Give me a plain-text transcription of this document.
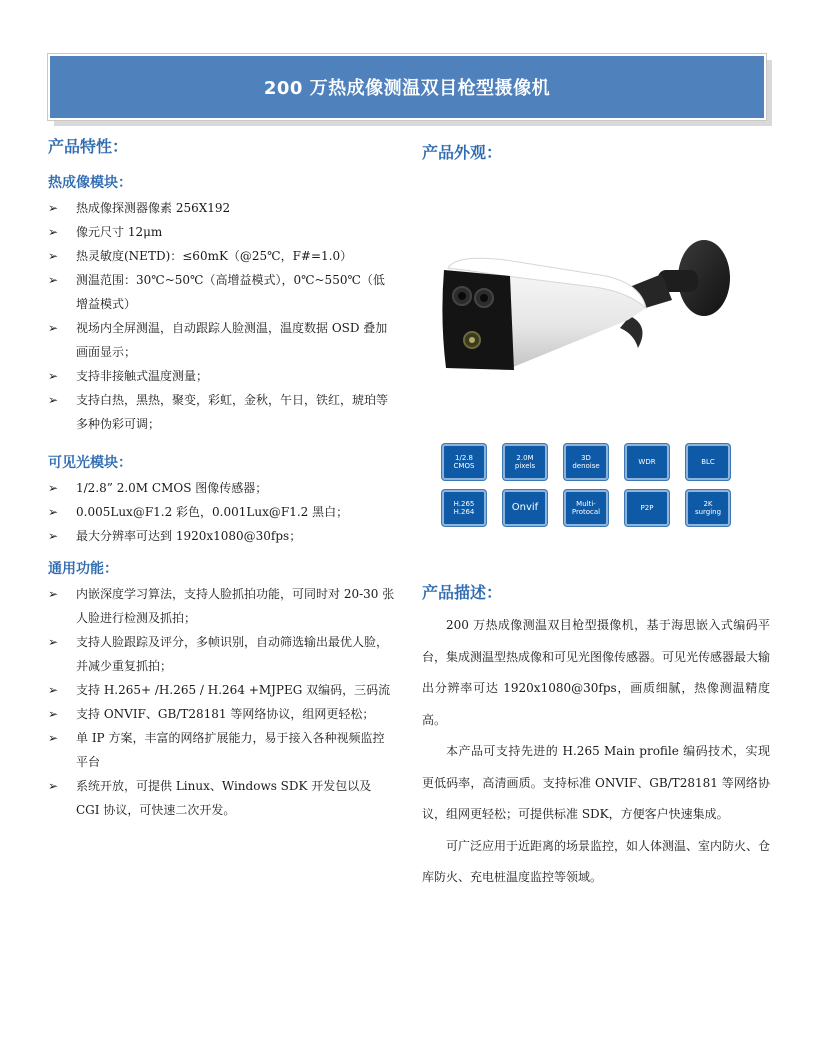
200 万热成像测温双目枪型摄像机
产品特性：
热成像模块：
➢ 热成像探测器像素 256X192
➢ 像元尺寸 12μm
➢ 热灵敏度(NETD)：≤60mK（@25℃，F#=1.0）
➢ 测温范围：30℃~50℃（高增益模式），0℃~550℃（低增益模式）
➢ 视场内全屏测温，自动跟踪人脸测温，温度数据 OSD 叠加画面显示；
➢ 支持非接触式温度测量；
➢ 支持白热，黑热，聚变，彩虹，金秋，午日，铁红，琥珀等多种伪彩可调；
可见光模块：
➢ 1/2.8” 2.0M CMOS 图像传感器；
➢ 0.005Lux@F1.2 彩色，0.001Lux@F1.2 黑白；
➢ 最大分辨率可达到 1920x1080@30fps；
通用功能：
➢ 内嵌深度学习算法，支持人脸抓拍功能，可同时对 20-30 张人脸进行检测及抓拍；
➢ 支持人脸跟踪及评分，多帧识别，自动筛选输出最优人脸，并减少重复抓拍；
➢ 支持 H.265+ /H.265 / H.264 +MJPEG 双编码，三码流
➢ 支持 ONVIF、GB/T28181 等网络协议，组网更轻松；
➢ 单 IP 方案，丰富的网络扩展能力，易于接入各种视频监控平台
➢ 系统开放，可提供 Linux、Windows SDK 开发包以及 CGI 协议，可快速二次开发。
产品外观：
1/2.8
CMOS
2.0M
pixels
3D
denoise	WDR	BLC
H.265
H.264	Onvif	Multi-
Protocal	P2P	2K
surging
产品描述：

200 万热成像测温双目枪型摄像机，基于海思嵌入式编码平台，集成测温型热成像和可见光图像传感器。可见光传感器最大输出分辨率可达 1920x1080@30fps，画质细腻，热像测温精度高。

本产品可支持先进的 H.265 Main profile 编码技术，实现更低码率，高清画质。支持标准 ONVIF、GB/T28181 等网络协议，组网更轻松；可提供标准 SDK，方便客户快速集成。

可广泛应用于近距离的场景监控，如人体测温、室内防火、仓库防火、充电桩温度监控等领域。
